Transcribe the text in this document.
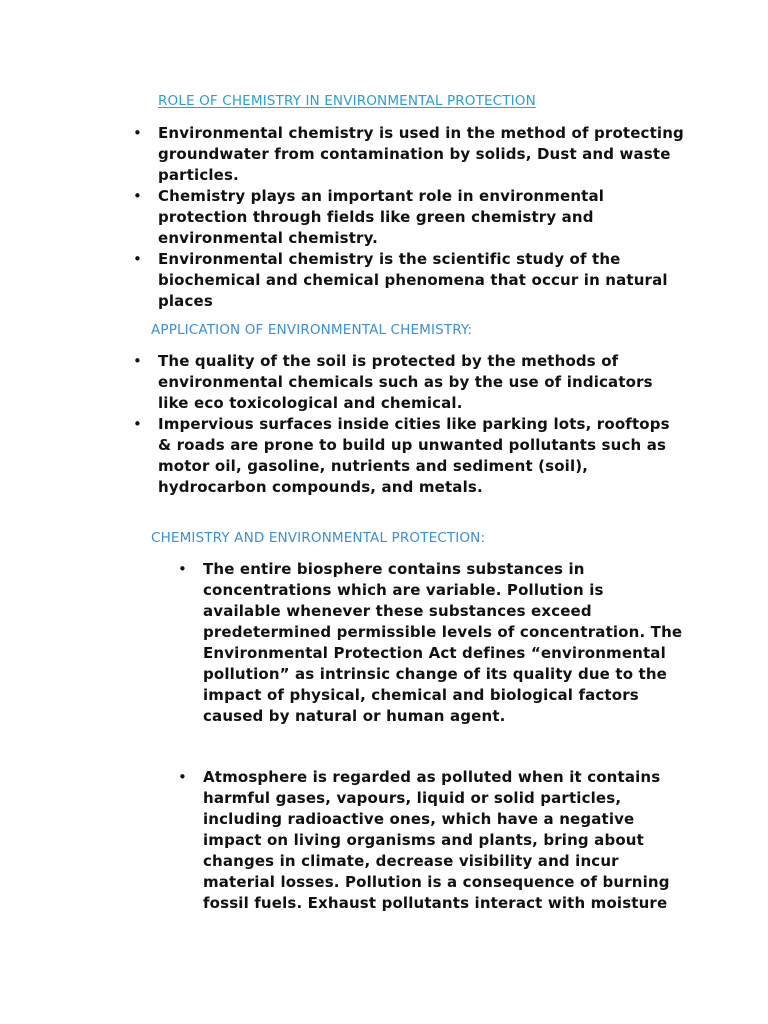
ROLE OF CHEMISTRY IN ENVIRONMENTAL PROTECTION
• Environmental chemistry is used in the method of protecting
groundwater from contamination by solids, Dust and waste
particles.
• Chemistry plays an important role in environmental
protection through fields like green chemistry and
environmental chemistry.
• Environmental chemistry is the scientific study of the
biochemical and chemical phenomena that occur in natural
places
APPLICATION OF ENVIRONMENTAL CHEMISTRY:
• The quality of the soil is protected by the methods of
environmental chemicals such as by the use of indicators
like eco toxicological and chemical.
• Impervious surfaces inside cities like parking lots, rooftops
& roads are prone to build up unwanted pollutants such as
motor oil, gasoline, nutrients and sediment (soil),
hydrocarbon compounds, and metals.
CHEMISTRY AND ENVIRONMENTAL PROTECTION:
• The entire biosphere contains substances in
concentrations which are variable. Pollution is
available whenever these substances exceed
predetermined permissible levels of concentration. The
Environmental Protection Act defines “environmental
pollution” as intrinsic change of its quality due to the
impact of physical, chemical and biological factors
caused by natural or human agent.
• Atmosphere is regarded as polluted when it contains
harmful gases, vapours, liquid or solid particles,
including radioactive ones, which have a negative
impact on living organisms and plants, bring about
changes in climate, decrease visibility and incur
material losses. Pollution is a consequence of burning
fossil fuels. Exhaust pollutants interact with moisture
